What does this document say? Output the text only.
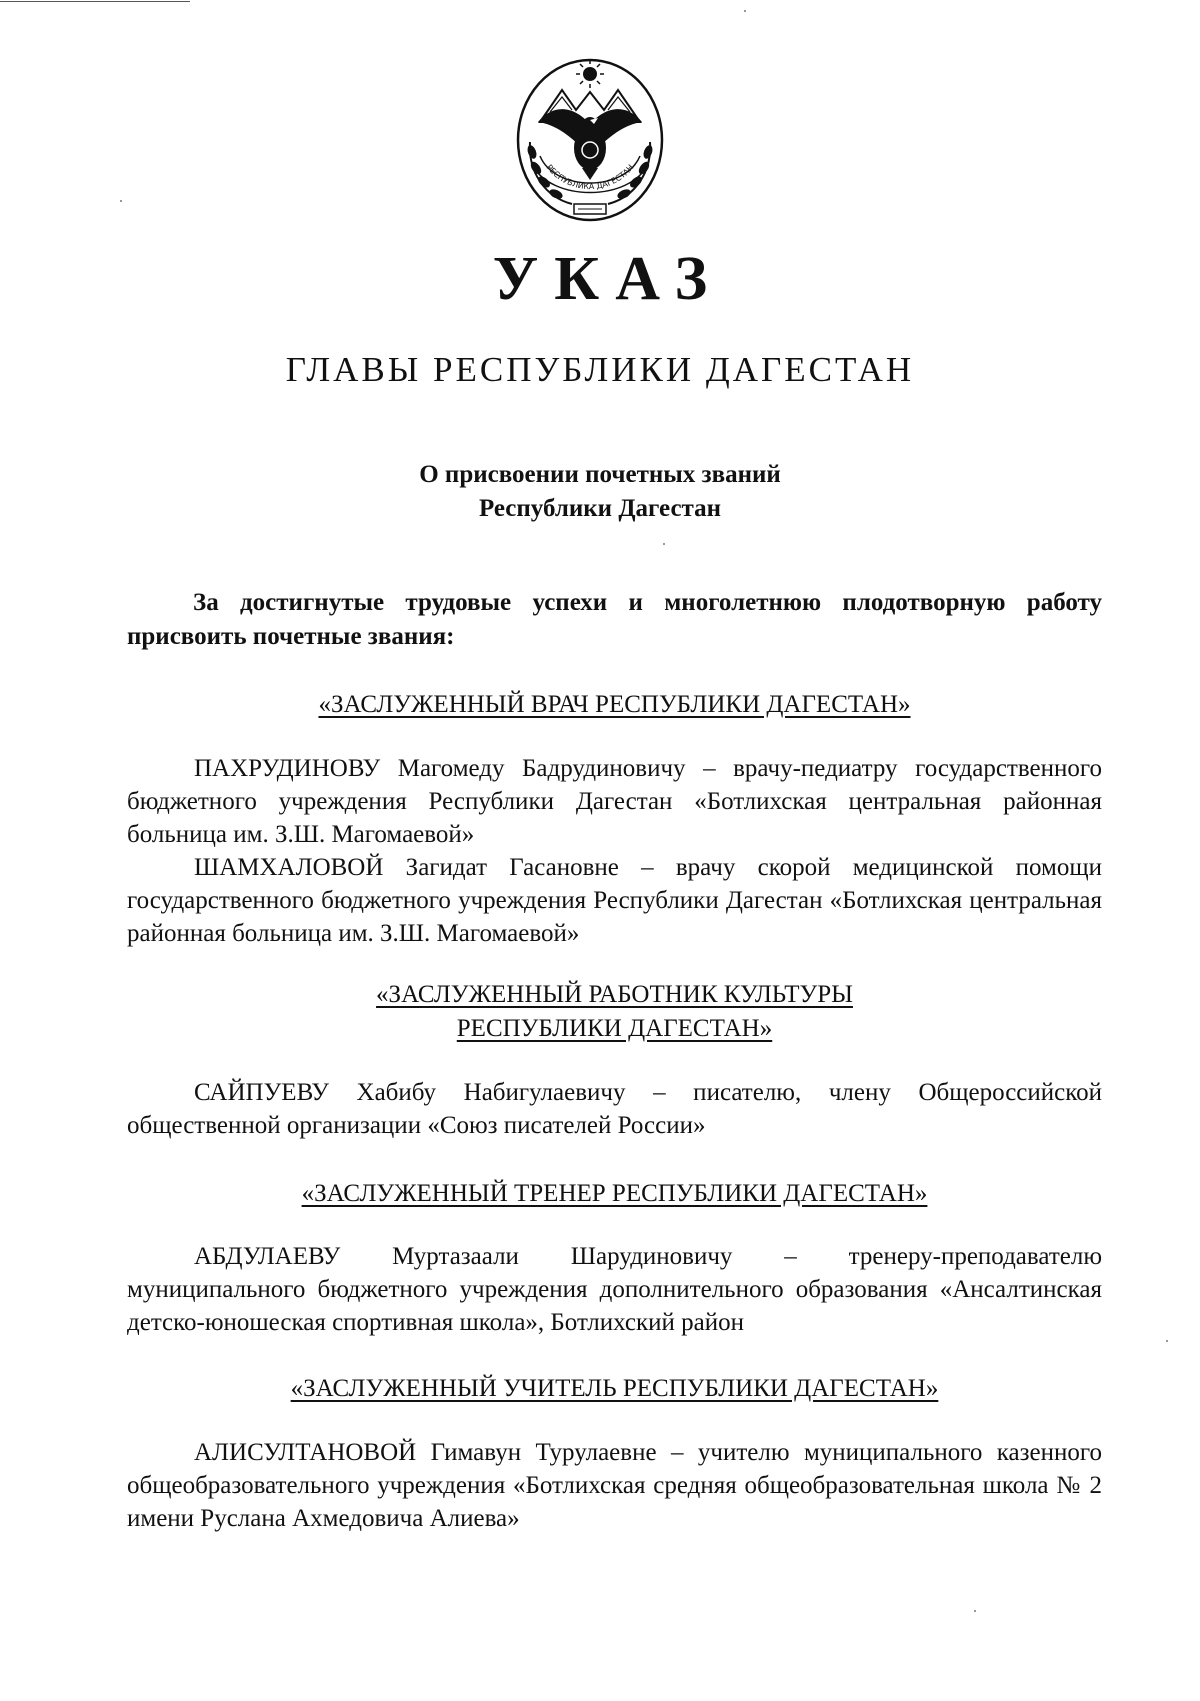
РЕСПУБЛИКА ДАГЕСТАН
УКАЗ
ГЛАВЫ РЕСПУБЛИКИ ДАГЕСТАН
О присвоении почетных званий
Республики Дагестан
За достигнутые трудовые успехи и многолетнюю плодотворную работу присвоить почетные звания:
«ЗАСЛУЖЕННЫЙ ВРАЧ РЕСПУБЛИКИ ДАГЕСТАН»

ПАХРУДИНОВУ Магомеду Бадрудиновичу – врачу-педиатру государственного бюджетного учреждения Республики Дагестан «Ботлихская центральная районная больница им. З.Ш. Магомаевой»

ШАМХАЛОВОЙ Загидат Гасановне – врачу скорой медицинской помощи государственного бюджетного учреждения Республики Дагестан «Ботлихская центральная районная больница им. З.Ш. Магомаевой»

«ЗАСЛУЖЕННЫЙ РАБОТНИК КУЛЬТУРЫ
РЕСПУБЛИКИ ДАГЕСТАН»

САЙПУЕВУ Хабибу Набигулаевичу – писателю, члену Общероссийской общественной организации «Союз писателей России»

«ЗАСЛУЖЕННЫЙ ТРЕНЕР РЕСПУБЛИКИ ДАГЕСТАН»

АБДУЛАЕВУ Муртазаали Шарудиновичу – тренеру-преподавателю муниципального бюджетного учреждения дополнительного образования «Ансалтинская детско-юношеская спортивная школа», Ботлихский район

«ЗАСЛУЖЕННЫЙ УЧИТЕЛЬ РЕСПУБЛИКИ ДАГЕСТАН»

АЛИСУЛТАНОВОЙ Гимавун Турулаевне – учителю муниципального казенного общеобразовательного учреждения «Ботлихская средняя общеобразовательная школа № 2 имени Руслана Ахмедовича Алиева»
